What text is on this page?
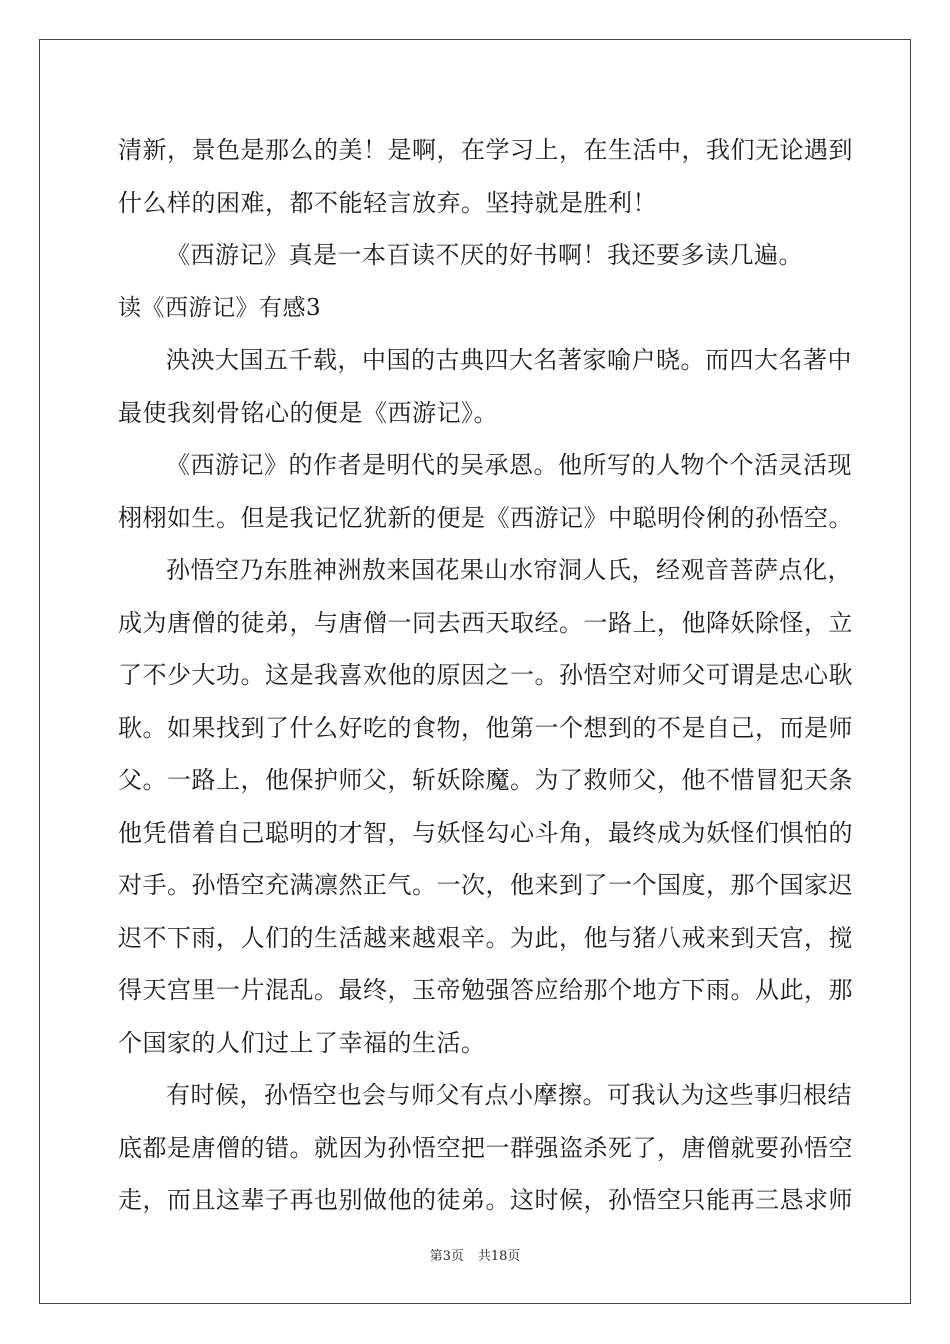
清新，景色是那么的美！是啊，在学习上，在生活中，我们无论遇到
什么样的困难，都不能轻言放弃。坚持就是胜利！
《西游记》真是一本百读不厌的好书啊！我还要多读几遍。
读《西游记》有感3
泱泱大国五千载，中国的古典四大名著家喻户晓。而四大名著中
最使我刻骨铭心的便是《西游记》。
《西游记》的作者是明代的吴承恩。他所写的人物个个活灵活现
栩栩如生。但是我记忆犹新的便是《西游记》中聪明伶俐的孙悟空。
孙悟空乃东胜神洲敖来国花果山水帘洞人氏，经观音菩萨点化，
成为唐僧的徒弟，与唐僧一同去西天取经。一路上，他降妖除怪，立
了不少大功。这是我喜欢他的原因之一。孙悟空对师父可谓是忠心耿
耿。如果找到了什么好吃的食物，他第一个想到的不是自己，而是师
父。一路上，他保护师父，斩妖除魔。为了救师父，他不惜冒犯天条
他凭借着自己聪明的才智，与妖怪勾心斗角，最终成为妖怪们惧怕的
对手。孙悟空充满凛然正气。一次，他来到了一个国度，那个国家迟
迟不下雨，人们的生活越来越艰辛。为此，他与猪八戒来到天宫，搅
得天宫里一片混乱。最终，玉帝勉强答应给那个地方下雨。从此，那
个国家的人们过上了幸福的生活。
有时候，孙悟空也会与师父有点小摩擦。可我认为这些事归根结
底都是唐僧的错。就因为孙悟空把一群强盗杀死了，唐僧就要孙悟空
走，而且这辈子再也别做他的徒弟。这时候，孙悟空只能再三恳求师
第3页 共18页
